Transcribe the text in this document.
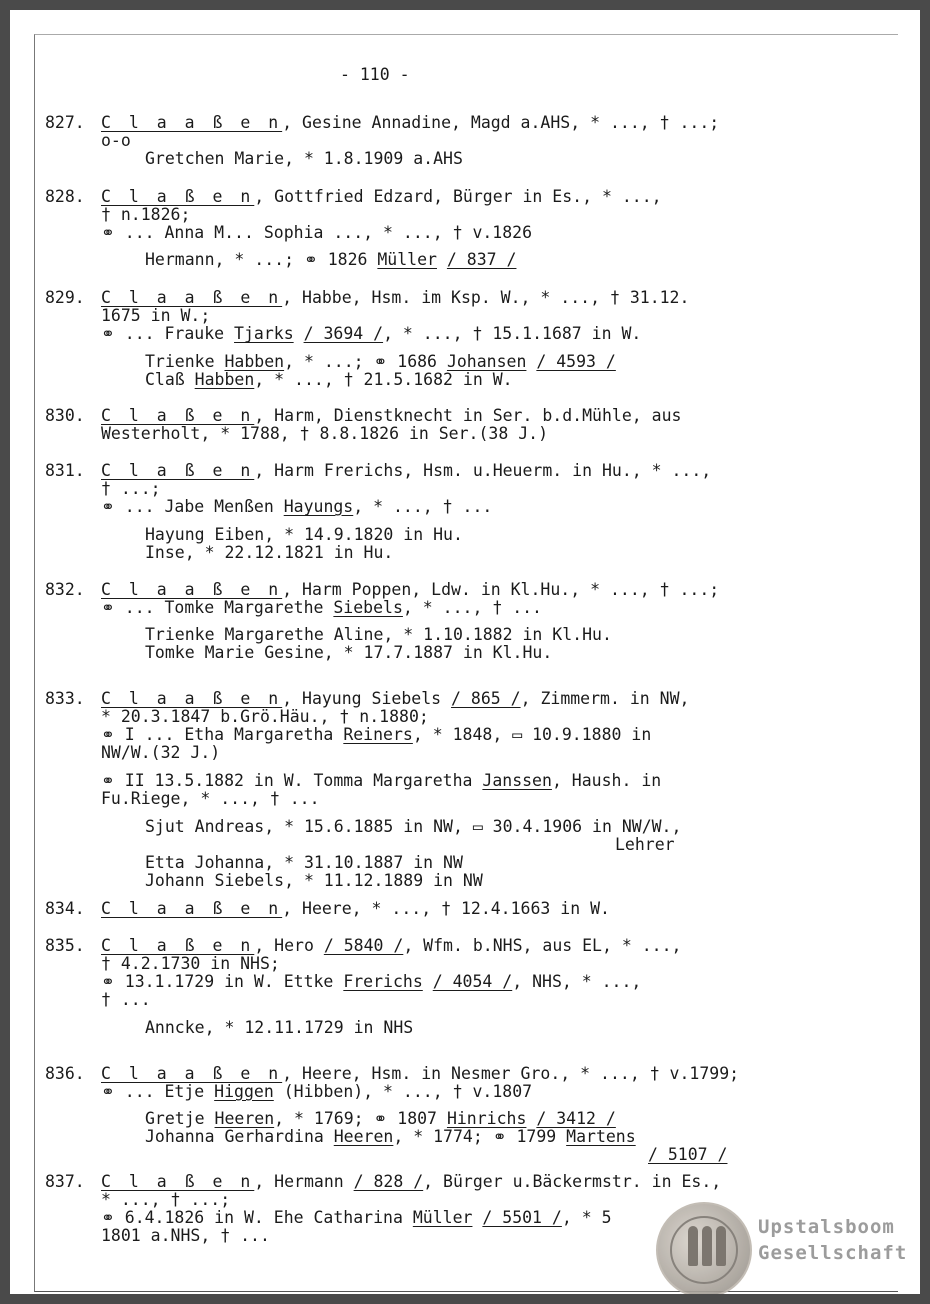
- 110 -
827. C l a a ß e n, Gesine Annadine, Magd a.AHS, * ..., † ...;
o-o
Gretchen Marie, * 1.8.1909 a.AHS
828. C l a ß e n, Gottfried Edzard, Bürger in Es., * ...,
† n.1826;
⚭ ... Anna M... Sophia ..., * ..., † v.1826
Hermann, * ...; ⚭ 1826 Müller / 837 /
829. C l a a ß e n, Habbe, Hsm. im Ksp. W., * ..., † 31.12.
1675 in W.;
⚭ ... Frauke Tjarks / 3694 /, * ..., † 15.1.1687 in W.
Trienke Habben, * ...; ⚭ 1686 Johansen / 4593 /
Claß Habben, * ..., † 21.5.1682 in W.
830. C l a ß e n, Harm, Dienstknecht in Ser. b.d.Mühle, aus
Westerholt, * 1788, † 8.8.1826 in Ser.(38 J.)
831. C l a ß e n, Harm Frerichs, Hsm. u.Heuerm. in Hu., * ...,
† ...;
⚭ ... Jabe Menßen Hayungs, * ..., † ...
Hayung Eiben, * 14.9.1820 in Hu.
Inse, * 22.12.1821 in Hu.
832. C l a a ß e n, Harm Poppen, Ldw. in Kl.Hu., * ..., † ...;
⚭ ... Tomke Margarethe Siebels, * ..., † ...
Trienke Margarethe Aline, * 1.10.1882 in Kl.Hu.
Tomke Marie Gesine, * 17.7.1887 in Kl.Hu.
833. C l a a ß e n, Hayung Siebels / 865 /, Zimmerm. in NW,
* 20.3.1847 b.Grö.Häu., † n.1880;
⚭ I ... Etha Margaretha Reiners, * 1848, ▭ 10.9.1880 in
NW/W.(32 J.)
⚭ II 13.5.1882 in W. Tomma Margaretha Janssen, Haush. in
Fu.Riege, * ..., † ...
Sjut Andreas, * 15.6.1885 in NW, ▭ 30.4.1906 in NW/W.,
Lehrer
Etta Johanna, * 31.10.1887 in NW
Johann Siebels, * 11.12.1889 in NW
834. C l a a ß e n, Heere, * ..., † 12.4.1663 in W.
835. C l a ß e n, Hero / 5840 /, Wfm. b.NHS, aus EL, * ...,
† 4.2.1730 in NHS;
⚭ 13.1.1729 in W. Ettke Frerichs / 4054 /, NHS, * ...,
† ...
Anncke, * 12.11.1729 in NHS
836. C l a a ß e n, Heere, Hsm. in Nesmer Gro., * ..., † v.1799;
⚭ ... Etje Higgen (Hibben), * ..., † v.1807
Gretje Heeren, * 1769; ⚭ 1807 Hinrichs / 3412 /
Johanna Gerhardina Heeren, * 1774; ⚭ 1799 Martens
/ 5107 /
837. C l a ß e n, Hermann / 828 /, Bürger u.Bäckermstr. in Es.,
* ..., † ...;
⚭ 6.4.1826 in W. Ehe Catharina Müller / 5501 /, * 5
1801 a.NHS, † ...	Upstalsboom
Gesellschaft
